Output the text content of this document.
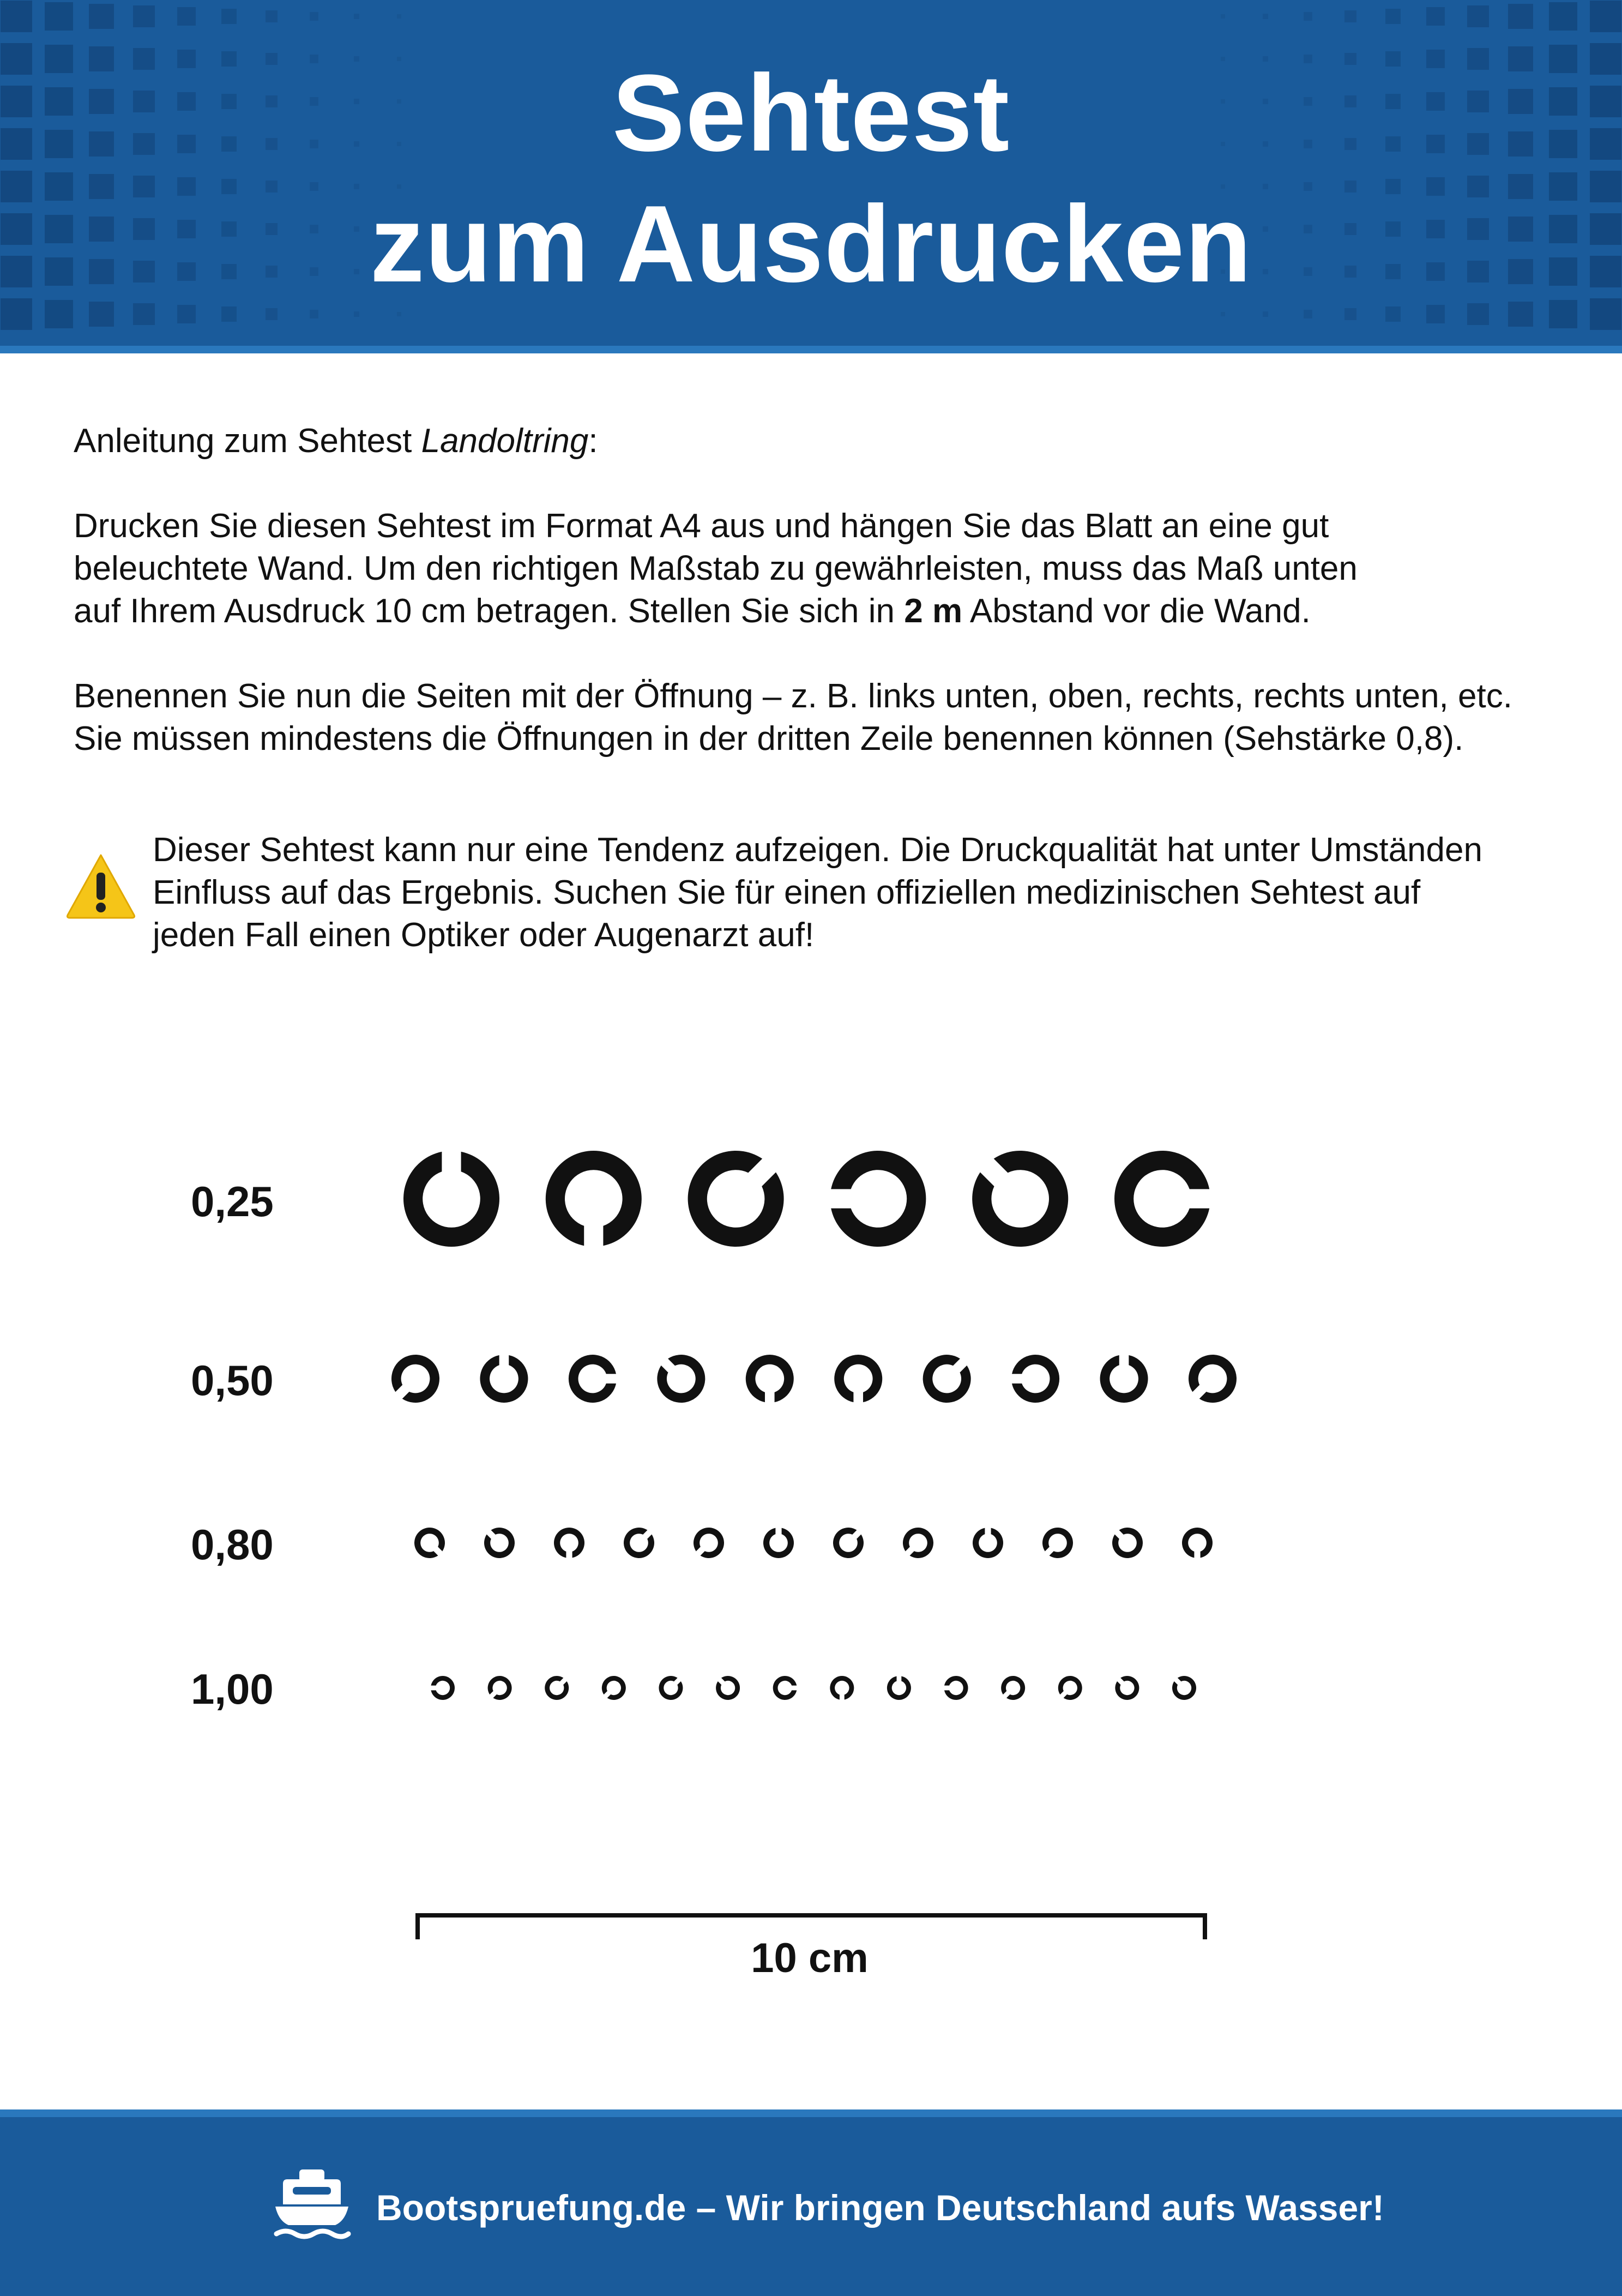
Sehtest
zum Ausdrucken

Anleitung zum Sehtest Landoltring:

Drucken Sie diesen Sehtest im Format A4 aus und hängen Sie das Blatt an eine gut
beleuchtete Wand. Um den richtigen Maßstab zu gewährleisten, muss das Maß unten
auf Ihrem Ausdruck 10 cm betragen. Stellen Sie sich in 2 m Abstand vor die Wand.

Benennen Sie nun die Seiten mit der Öffnung – z. B. links unten, oben, rechts, rechts unten, etc.
Sie müssen mindestens die Öffnungen in der dritten Zeile benennen können (Sehstärke 0,8).

Dieser Sehtest kann nur eine Tendenz aufzeigen. Die Druckqualität hat unter Umständen
Einfluss auf das Ergebnis. Suchen Sie für einen offiziellen medizinischen Sehtest auf
jeden Fall einen Optiker oder Augenarzt auf!
0,25
0,50
0,80
1,00
10 cm
Bootspruefung.de – Wir bringen Deutschland aufs Wasser!
